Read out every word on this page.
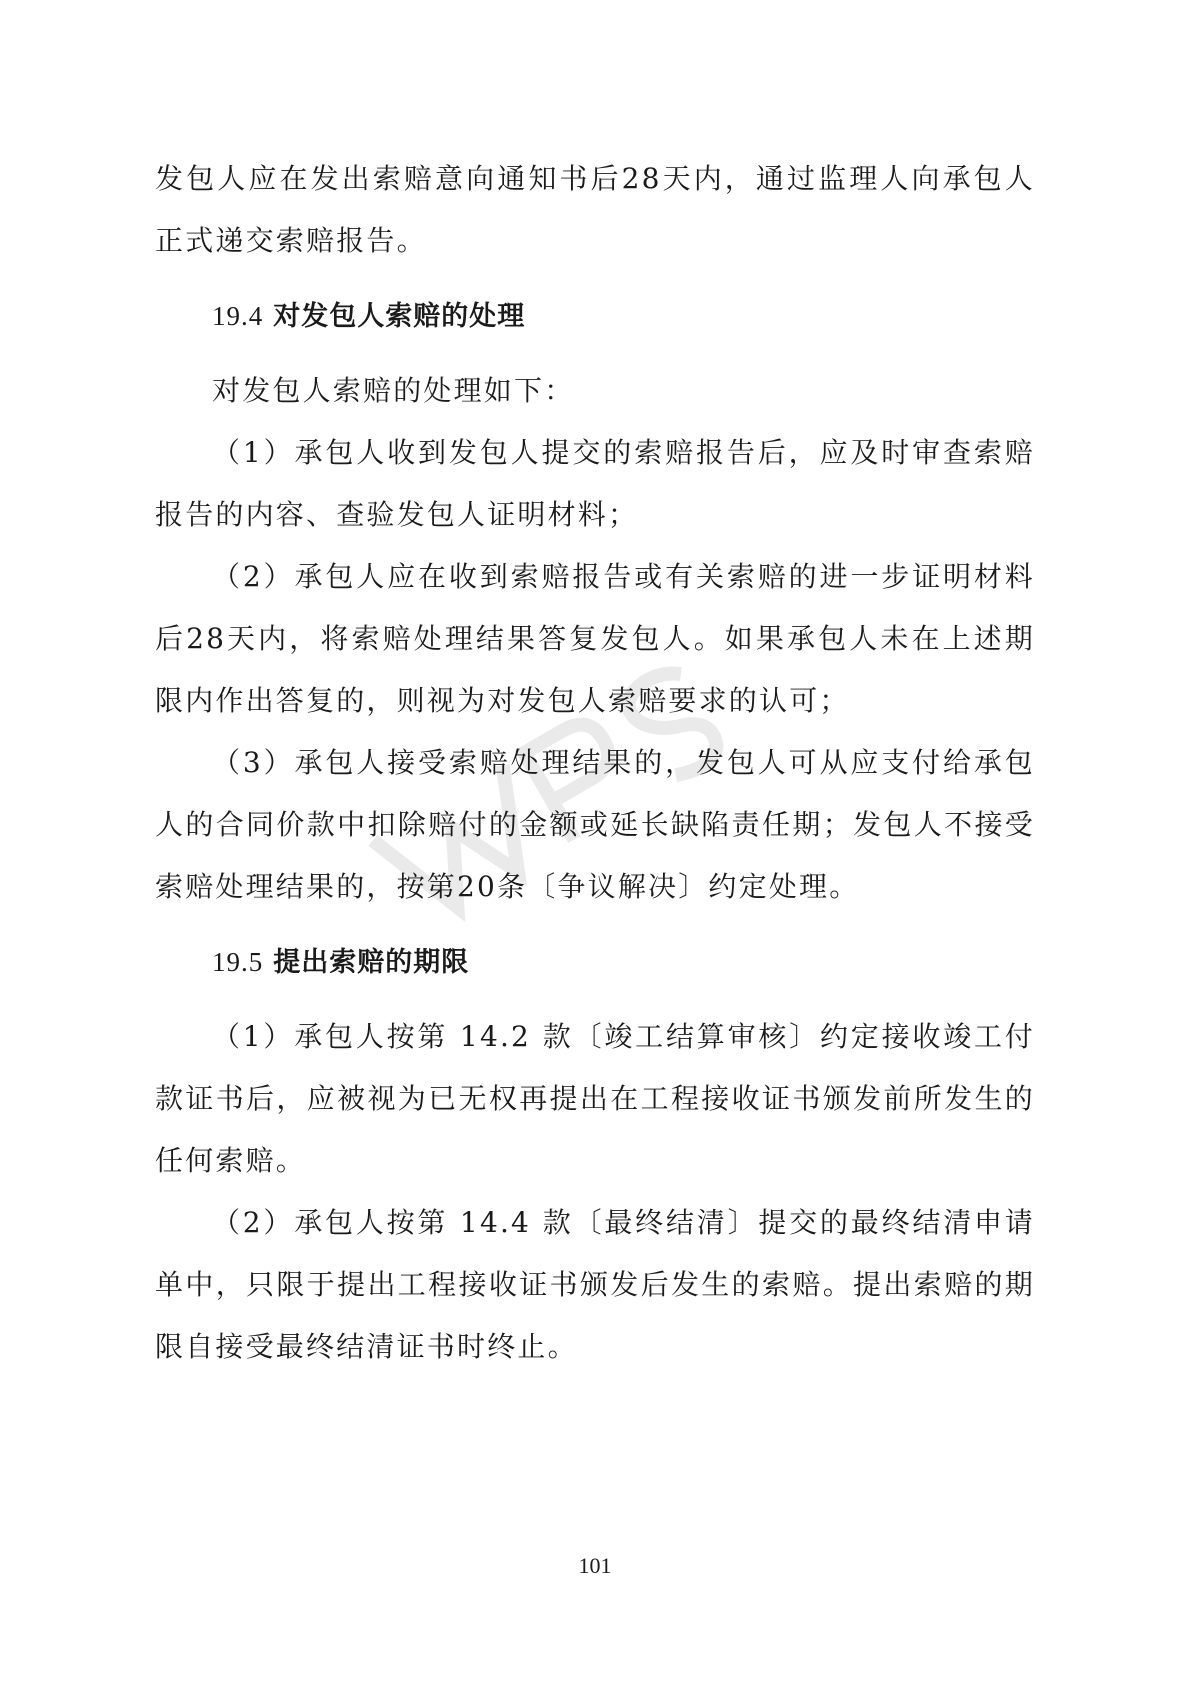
发包人应在发出索赔意向通知书后28天内，通过监理人向承包人正式递交索赔报告。

19.4 对发包人索赔的处理

对发包人索赔的处理如下：

（1）承包人收到发包人提交的索赔报告后，应及时审查索赔报告的内容、查验发包人证明材料；

（2）承包人应在收到索赔报告或有关索赔的进一步证明材料后28天内，将索赔处理结果答复发包人。如果承包人未在上述期限内作出答复的，则视为对发包人索赔要求的认可；

（3）承包人接受索赔处理结果的，发包人可从应支付给承包人的合同价款中扣除赔付的金额或延长缺陷责任期；发包人不接受索赔处理结果的，按第20条〔争议解决〕约定处理。

19.5 提出索赔的期限

（1）承包人按第 14.2 款〔竣工结算审核〕约定接收竣工付款证书后，应被视为已无权再提出在工程接收证书颁发前所发生的任何索赔。

（2）承包人按第 14.4 款〔最终结清〕提交的最终结清申请单中，只限于提出工程接收证书颁发后发生的索赔。提出索赔的期限自接受最终结清证书时终止。

101
